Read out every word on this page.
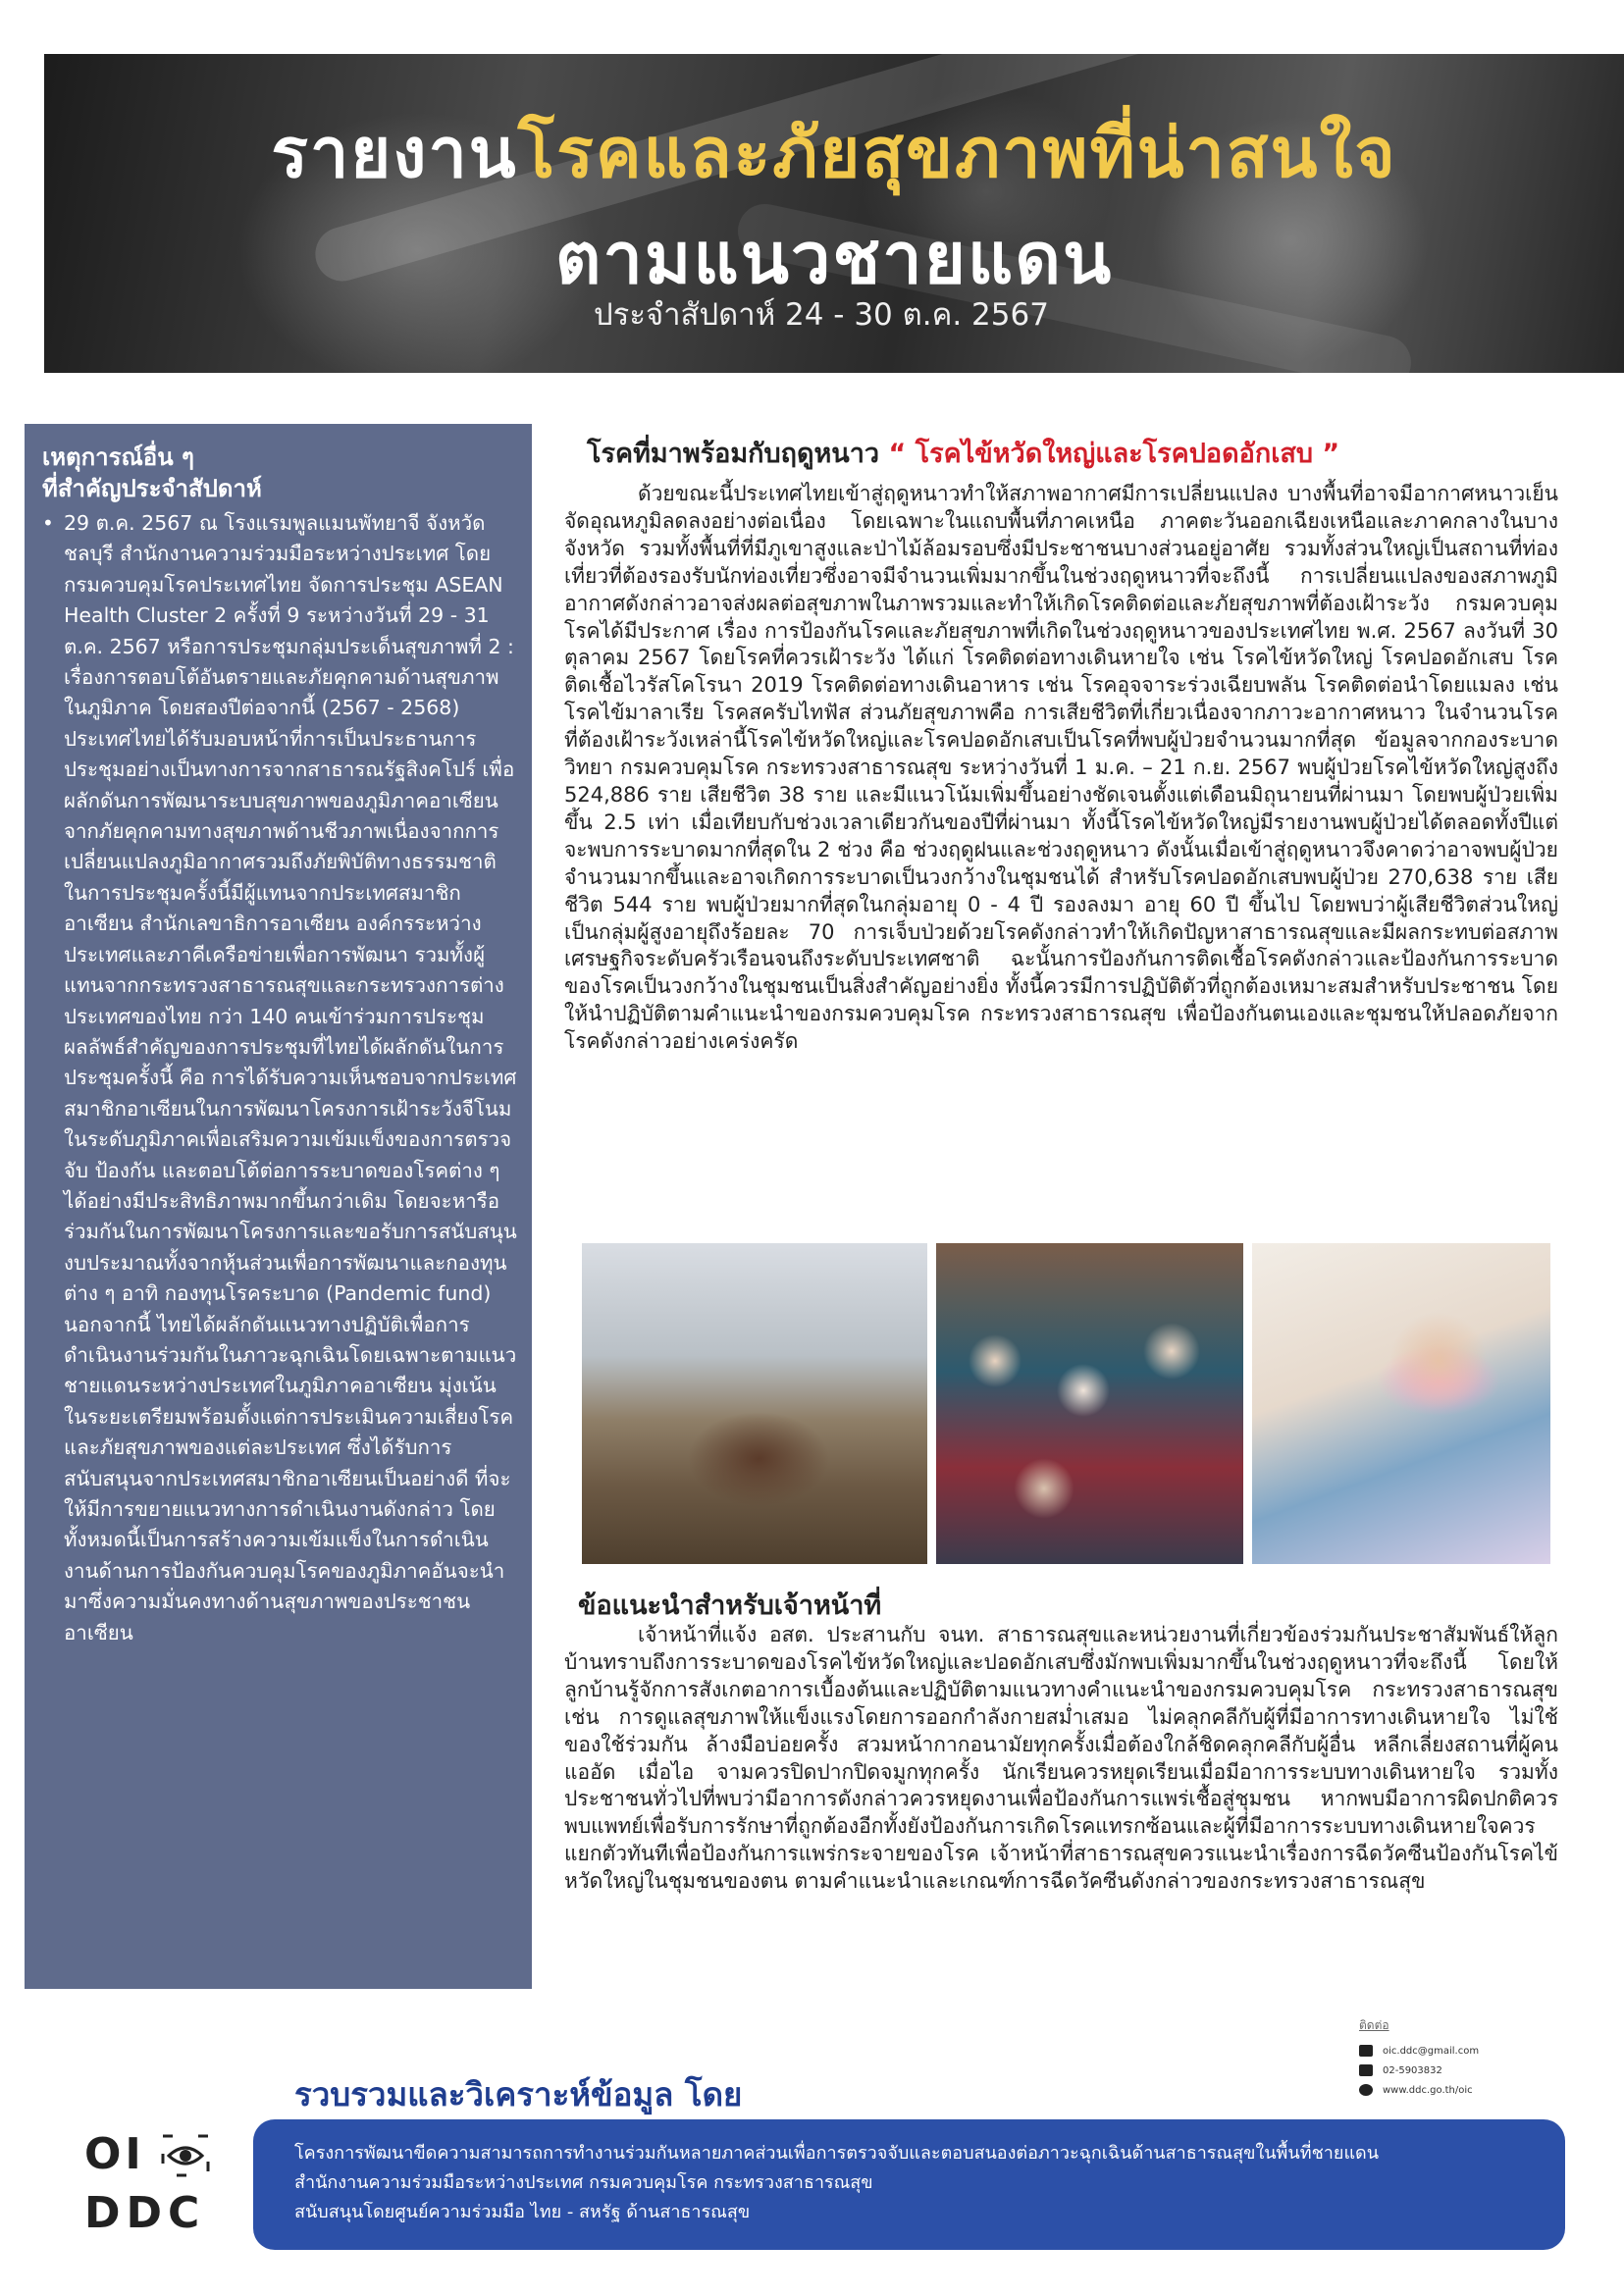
รายงานโรคและภัยสุขภาพที่น่าสนใจ
ตามแนวชายแดน
ประจำสัปดาห์ 24 - 30 ต.ค. 2567
เหตุการณ์อื่น ๆ
ที่สำคัญประจำสัปดาห์
• 29 ต.ค. 2567 ณ โรงแรมพูลแมนพัทยาจี จังหวัดชลบุรี สำนักงานความร่วมมือระหว่างประเทศ โดยกรมควบคุมโรคประเทศไทย จัดการประชุม ASEAN Health Cluster 2 ครั้งที่ 9 ระหว่างวันที่ 29 - 31 ต.ค. 2567 หรือการประชุมกลุ่มประเด็นสุขภาพที่ 2 : เรื่องการตอบโต้อันตรายและภัยคุกคามด้านสุขภาพในภูมิภาค โดยสองปีต่อจากนี้ (2567 - 2568) ประเทศไทยได้รับมอบหน้าที่การเป็นประธานการประชุมอย่างเป็นทางการจากสาธารณรัฐสิงคโปร์ เพื่อผลักดันการพัฒนาระบบสุขภาพของภูมิภาคอาเซียนจากภัยคุกคามทางสุขภาพด้านชีวภาพเนื่องจากการเปลี่ยนแปลงภูมิอากาศรวมถึงภัยพิบัติทางธรรมชาติ ในการประชุมครั้งนี้มีผู้แทนจากประเทศสมาชิกอาเซียน สำนักเลขาธิการอาเซียน องค์กรระหว่างประเทศและภาคีเครือข่ายเพื่อการพัฒนา รวมทั้งผู้แทนจากกระทรวงสาธารณสุขและกระทรวงการต่างประเทศของไทย กว่า 140 คนเข้าร่วมการประชุม ผลลัพธ์สำคัญของการประชุมที่ไทยได้ผลักดันในการประชุมครั้งนี้ คือ การได้รับความเห็นชอบจากประเทศสมาชิกอาเซียนในการพัฒนาโครงการเฝ้าระวังจีโนม ในระดับภูมิภาคเพื่อเสริมความเข้มแข็งของการตรวจจับ ป้องกัน และตอบโต้ต่อการระบาดของโรคต่าง ๆ ได้อย่างมีประสิทธิภาพมากขึ้นกว่าเดิม โดยจะหารือร่วมกันในการพัฒนาโครงการและขอรับการสนับสนุนงบประมาณทั้งจากหุ้นส่วนเพื่อการพัฒนาและกองทุนต่าง ๆ อาทิ กองทุนโรคระบาด (Pandemic fund) นอกจากนี้ ไทยได้ผลักดันแนวทางปฏิบัติเพื่อการดำเนินงานร่วมกันในภาวะฉุกเฉินโดยเฉพาะตามแนวชายแดนระหว่างประเทศในภูมิภาคอาเซียน มุ่งเน้นในระยะเตรียมพร้อมตั้งแต่การประเมินความเสี่ยงโรคและภัยสุขภาพของแต่ละประเทศ ซึ่งได้รับการสนับสนุนจากประเทศสมาชิกอาเซียนเป็นอย่างดี ที่จะให้มีการขยายแนวทางการดำเนินงานดังกล่าว โดยทั้งหมดนี้เป็นการสร้างความเข้มแข็งในการดำเนินงานด้านการป้องกันควบคุมโรคของภูมิภาคอันจะนำมาซึ่งความมั่นคงทางด้านสุขภาพของประชาชนอาเซียน
โรคที่มาพร้อมกับฤดูหนาว “ โรคไข้หวัดใหญ่และโรคปอดอักเสบ ”
ด้วยขณะนี้ประเทศไทยเข้าสู่ฤดูหนาวทำให้สภาพอากาศมีการเปลี่ยนแปลง บางพื้นที่อาจมีอากาศหนาวเย็นจัดอุณหภูมิลดลงอย่างต่อเนื่อง โดยเฉพาะในแถบพื้นที่ภาคเหนือ ภาคตะวันออกเฉียงเหนือและภาคกลางในบางจังหวัด รวมทั้งพื้นที่ที่มีภูเขาสูงและป่าไม้ล้อมรอบซึ่งมีประชาชนบางส่วนอยู่อาศัย รวมทั้งส่วนใหญ่เป็นสถานที่ท่องเที่ยวที่ต้องรองรับนักท่องเที่ยวซึ่งอาจมีจำนวนเพิ่มมากขึ้นในช่วงฤดูหนาวที่จะถึงนี้ การเปลี่ยนแปลงของสภาพภูมิอากาศดังกล่าวอาจส่งผลต่อสุขภาพในภาพรวมและทำให้เกิดโรคติดต่อและภัยสุขภาพที่ต้องเฝ้าระวัง กรมควบคุมโรคได้มีประกาศ เรื่อง การป้องกันโรคและภัยสุขภาพที่เกิดในช่วงฤดูหนาวของประเทศไทย พ.ศ. 2567 ลงวันที่ 30 ตุลาคม 2567 โดยโรคที่ควรเฝ้าระวัง ได้แก่ โรคติดต่อทางเดินหายใจ เช่น โรคไข้หวัดใหญ่ โรคปอดอักเสบ โรคติดเชื้อไวรัสโคโรนา 2019 โรคติดต่อทางเดินอาหาร เช่น โรคอุจจาระร่วงเฉียบพลัน โรคติดต่อนำโดยแมลง เช่น โรคไข้มาลาเรีย โรคสครับไทฟัส ส่วนภัยสุขภาพคือ การเสียชีวิตที่เกี่ยวเนื่องจากภาวะอากาศหนาว ในจำนวนโรคที่ต้องเฝ้าระวังเหล่านี้โรคไข้หวัดใหญ่และโรคปอดอักเสบเป็นโรคที่พบผู้ป่วยจำนวนมากที่สุด ข้อมูลจากกองระบาดวิทยา กรมควบคุมโรค กระทรวงสาธารณสุข ระหว่างวันที่ 1 ม.ค. – 21 ก.ย. 2567 พบผู้ป่วยโรคไข้หวัดใหญ่สูงถึง 524,886 ราย เสียชีวิต 38 ราย และมีแนวโน้มเพิ่มขึ้นอย่างชัดเจนตั้งแต่เดือนมิถุนายนที่ผ่านมา โดยพบผู้ป่วยเพิ่มขึ้น 2.5 เท่า เมื่อเทียบกับช่วงเวลาเดียวกันของปีที่ผ่านมา ทั้งนี้โรคไข้หวัดใหญ่มีรายงานพบผู้ป่วยได้ตลอดทั้งปีแต่จะพบการระบาดมากที่สุดใน 2 ช่วง คือ ช่วงฤดูฝนและช่วงฤดูหนาว ดังนั้นเมื่อเข้าสู่ฤดูหนาวจึงคาดว่าอาจพบผู้ป่วยจำนวนมากขึ้นและอาจเกิดการระบาดเป็นวงกว้างในชุมชนได้ สำหรับโรคปอดอักเสบพบผู้ป่วย 270,638 ราย เสียชีวิต 544 ราย พบผู้ป่วยมากที่สุดในกลุ่มอายุ 0 - 4 ปี รองลงมา อายุ 60 ปี ขึ้นไป โดยพบว่าผู้เสียชีวิตส่วนใหญ่เป็นกลุ่มผู้สูงอายุถึงร้อยละ 70 การเจ็บป่วยด้วยโรคดังกล่าวทำให้เกิดปัญหาสาธารณสุขและมีผลกระทบต่อสภาพเศรษฐกิจระดับครัวเรือนจนถึงระดับประเทศชาติ ฉะนั้นการป้องกันการติดเชื้อโรคดังกล่าวและป้องกันการระบาดของโรคเป็นวงกว้างในชุมชนเป็นสิ่งสำคัญอย่างยิ่ง ทั้งนี้ควรมีการปฏิบัติตัวที่ถูกต้องเหมาะสมสำหรับประชาชน โดยให้นำปฏิบัติตามคำแนะนำของกรมควบคุมโรค กระทรวงสาธารณสุข เพื่อป้องกันตนเองและชุมชนให้ปลอดภัยจากโรคดังกล่าวอย่างเคร่งครัด
ข้อแนะนำสำหรับเจ้าหน้าที่
เจ้าหน้าที่แจ้ง อสต. ประสานกับ จนท. สาธารณสุขและหน่วยงานที่เกี่ยวข้องร่วมกันประชาสัมพันธ์ให้ลูกบ้านทราบถึงการระบาดของโรคไข้หวัดใหญ่และปอดอักเสบซึ่งมักพบเพิ่มมากขึ้นในช่วงฤดูหนาวที่จะถึงนี้ โดยให้ลูกบ้านรู้จักการสังเกตอาการเบื้องต้นและปฏิบัติตามแนวทางคำแนะนำของกรมควบคุมโรค กระทรวงสาธารณสุข เช่น การดูแลสุขภาพให้แข็งแรงโดยการออกกำลังกายสม่ำเสมอ ไม่คลุกคลีกับผู้ที่มีอาการทางเดินหายใจ ไม่ใช้ของใช้ร่วมกัน ล้างมือบ่อยครั้ง สวมหน้ากากอนามัยทุกครั้งเมื่อต้องใกล้ชิดคลุกคลีกับผู้อื่น หลีกเลี่ยงสถานที่ผู้คนแออัด เมื่อไอ จามควรปิดปากปิดจมูกทุกครั้ง นักเรียนควรหยุดเรียนเมื่อมีอาการระบบทางเดินหายใจ รวมทั้งประชาชนทั่วไปที่พบว่ามีอาการดังกล่าวควรหยุดงานเพื่อป้องกันการแพร่เชื้อสู่ชุมชน หากพบมีอาการผิดปกติควรพบแพทย์เพื่อรับการรักษาที่ถูกต้องอีกทั้งยังป้องกันการเกิดโรคแทรกซ้อนและผู้ที่มีอาการระบบทางเดินหายใจควรแยกตัวทันทีเพื่อป้องกันการแพร่กระจายของโรค เจ้าหน้าที่สาธารณสุขควรแนะนำเรื่องการฉีดวัคซีนป้องกันโรคไข้หวัดใหญ่ในชุมชนของตน ตามคำแนะนำและเกณฑ์การฉีดวัคซีนดังกล่าวของกระทรวงสาธารณสุข
รวบรวมและวิเคราะห์ข้อมูล โดย
OI
DDC
ติดต่อ
oic.ddc@gmail.com
02-5903832
www.ddc.go.th/oic
โครงการพัฒนาขีดความสามารถการทำงานร่วมกันหลายภาคส่วนเพื่อการตรวจจับและตอบสนองต่อภาวะฉุกเฉินด้านสาธารณสุขในพื้นที่ชายแดน
สำนักงานความร่วมมือระหว่างประเทศ กรมควบคุมโรค กระทรวงสาธารณสุข
สนับสนุนโดยศูนย์ความร่วมมือ ไทย - สหรัฐ ด้านสาธารณสุข
